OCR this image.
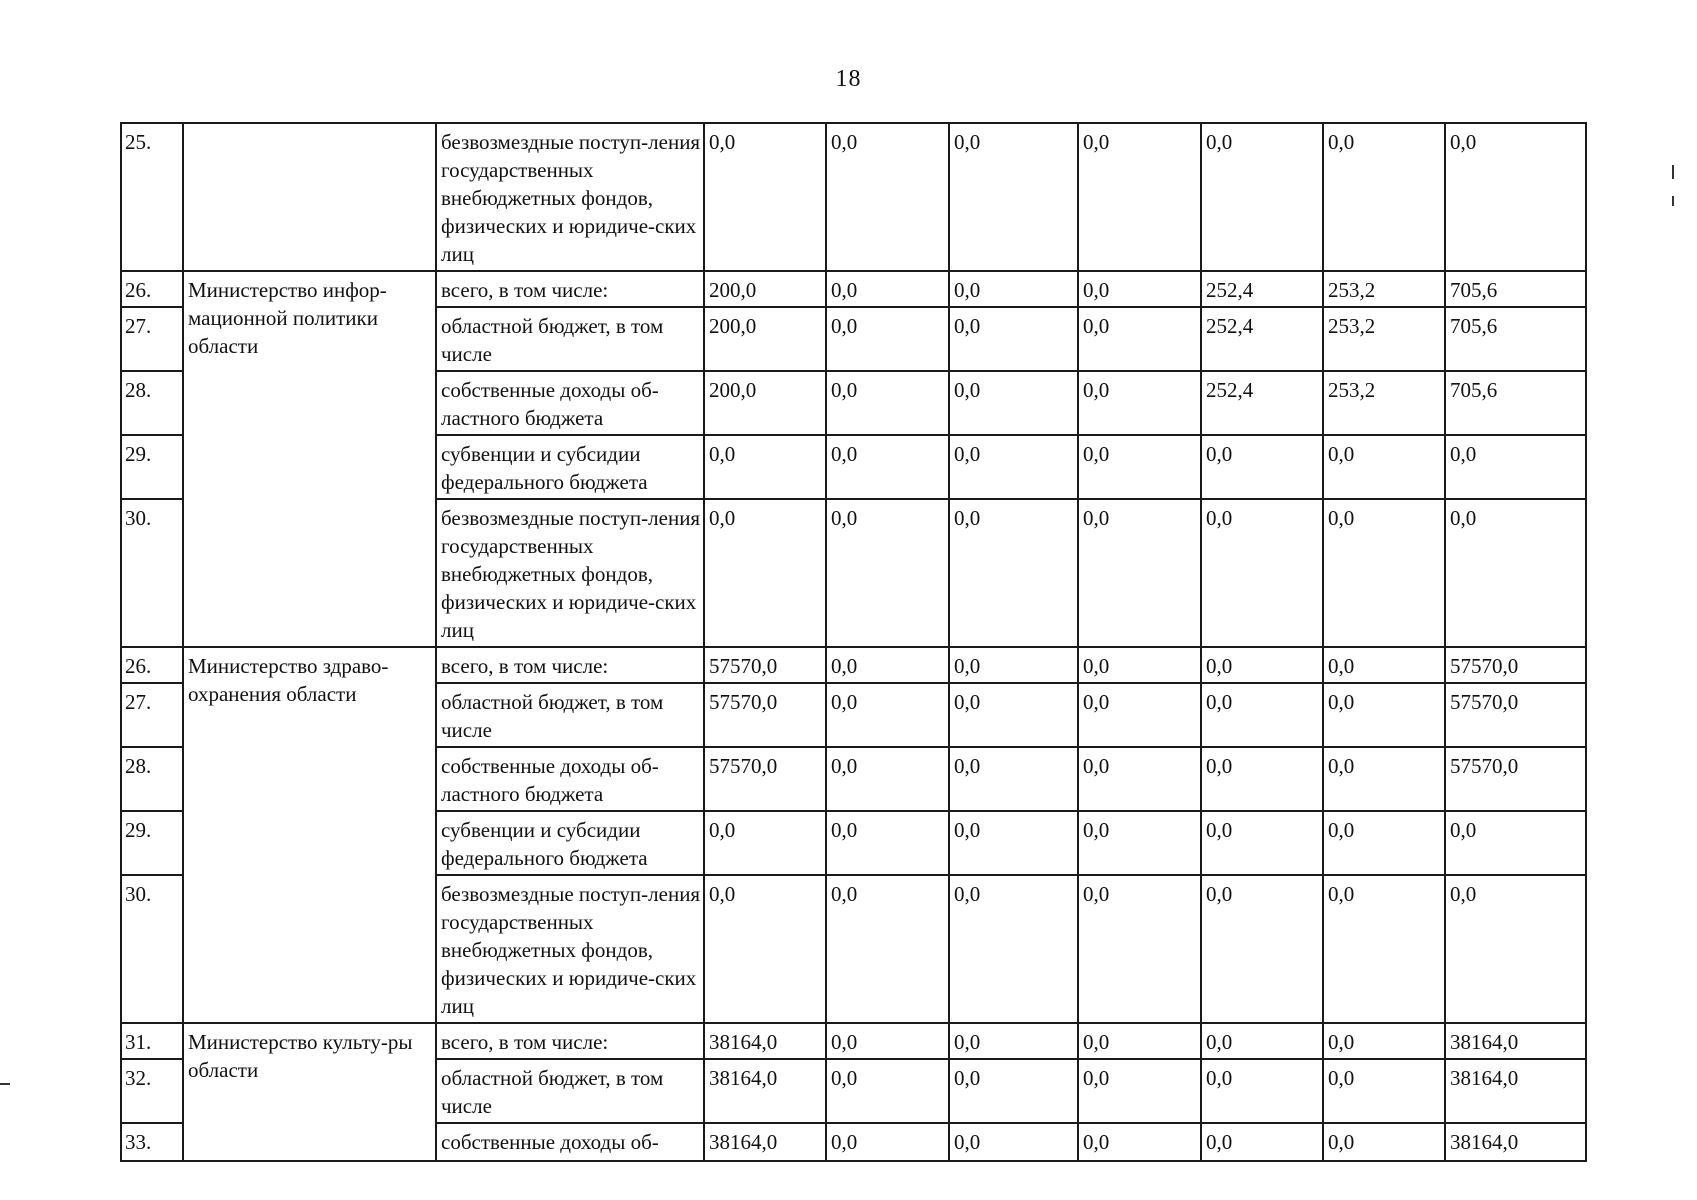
18
25.		безвозмездные поступ-ления государственных внебюджетных фондов, физических и юридиче-ских лиц	0,0	0,0	0,0	0,0	0,0	0,0	0,0
26.	Министерство инфор-мационной политики области	всего, в том числе:	200,0	0,0	0,0	0,0	252,4	253,2	705,6
27.		областной бюджет, в том числе	200,0	0,0	0,0	0,0	252,4	253,2	705,6
28.		собственные доходы об-ластного бюджета	200,0	0,0	0,0	0,0	252,4	253,2	705,6
29.		субвенции и субсидии федерального бюджета	0,0	0,0	0,0	0,0	0,0	0,0	0,0
30.		безвозмездные поступ-ления государственных внебюджетных фондов, физических и юридиче-ских лиц	0,0	0,0	0,0	0,0	0,0	0,0	0,0
26.	Министерство здраво-охранения области	всего, в том числе:	57570,0	0,0	0,0	0,0	0,0	0,0	57570,0
27.		областной бюджет, в том числе	57570,0	0,0	0,0	0,0	0,0	0,0	57570,0
28.		собственные доходы об-ластного бюджета	57570,0	0,0	0,0	0,0	0,0	0,0	57570,0
29.		субвенции и субсидии федерального бюджета	0,0	0,0	0,0	0,0	0,0	0,0	0,0
30.		безвозмездные поступ-ления государственных внебюджетных фондов, физических и юридиче-ских лиц	0,0	0,0	0,0	0,0	0,0	0,0	0,0
31.	Министерство культу-ры области	всего, в том числе:	38164,0	0,0	0,0	0,0	0,0	0,0	38164,0
32.		областной бюджет, в том числе	38164,0	0,0	0,0	0,0	0,0	0,0	38164,0
33.		собственные доходы об-	38164,0	0,0	0,0	0,0	0,0	0,0	38164,0
